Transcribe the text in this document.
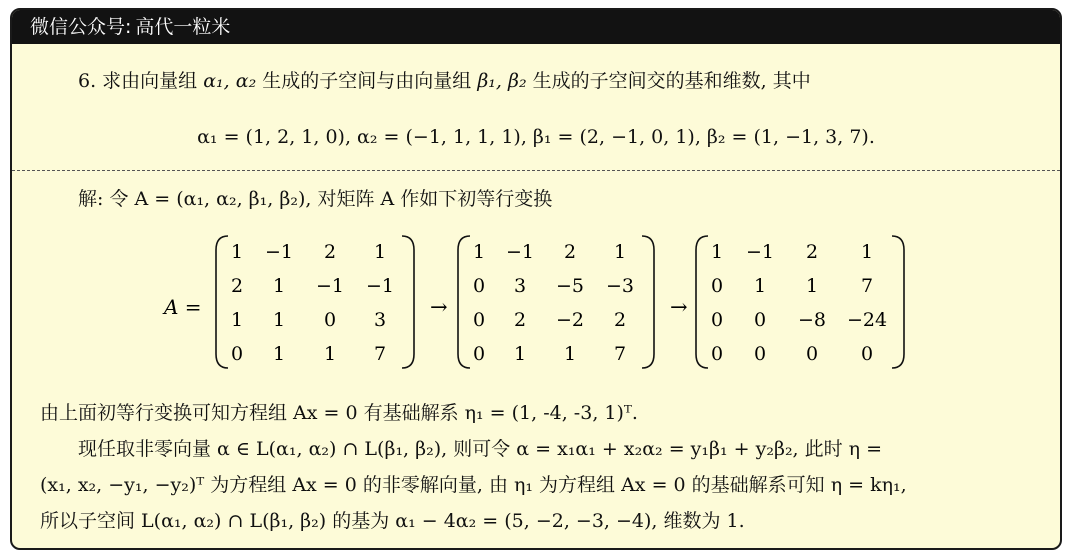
微信公众号: 高代一粒米
6. 求由向量组 α₁, α₂ 生成的子空间与由向量组 β₁, β₂ 生成的子空间交的基和维数, 其中
α₁ = (1, 2, 1, 0), α₂ = (−1, 1, 1, 1), β₁ = (2, −1, 0, 1), β₂ = (1, −1, 3, 7).
解: 令 A = (α₁, α₂, β₁, β₂), 对矩阵 A 作如下初等行变换
A =
1 −1 2 1
2 1 −1 −1
1 1 0 3
0 1 1 7
1 −1 2 1
0 3 −5 −3
0 2 −2 2
0 1 1 7
1 −1 2 1
0 1 1 7
0 0 −8 −24
0 0 0 0
→	→
由上面初等行变换可知方程组 Ax = 0 有基础解系 η₁ = (1, -4, -3, 1)ᵀ.
现任取非零向量 α ∈ L(α₁, α₂) ∩ L(β₁, β₂), 则可令 α = x₁α₁ + x₂α₂ = y₁β₁ + y₂β₂, 此时 η =
(x₁, x₂, −y₁, −y₂)ᵀ 为方程组 Ax = 0 的非零解向量, 由 η₁ 为方程组 Ax = 0 的基础解系可知 η = kη₁,
所以子空间 L(α₁, α₂) ∩ L(β₁, β₂) 的基为 α₁ − 4α₂ = (5, −2, −3, −4), 维数为 1.
